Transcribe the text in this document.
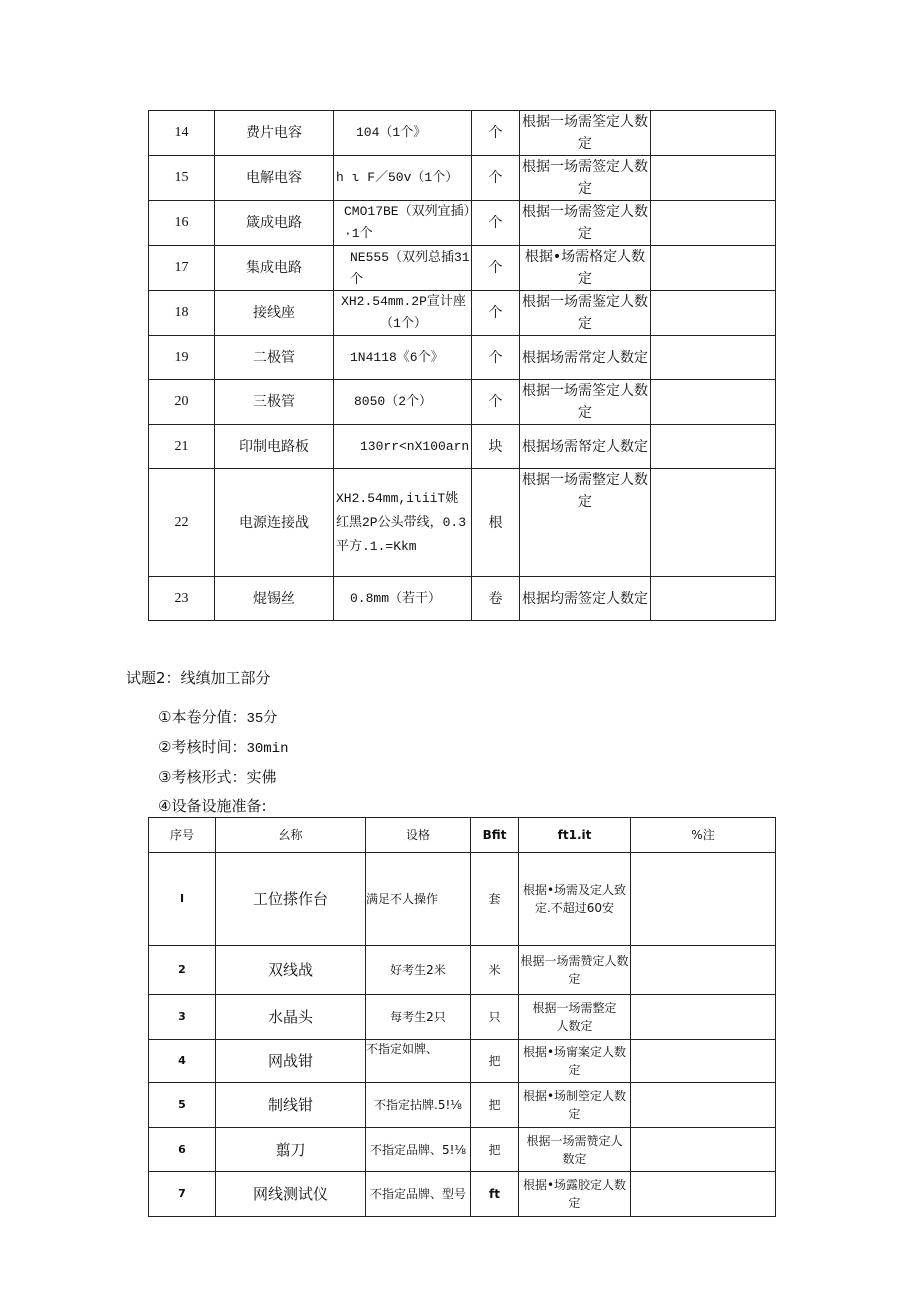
14	费片电容	104（1个》	个	根据一场需筌定人数定	
15	电解电容	h ι F／50v（1个）	个	根据一场需签定人数定	
16	箴成电路	CMO17BE（双列宜插）·1个	个	根据一场需签定人数定	
17	集成电路	NE555（双列总插31个	个	根据•场需格定人数定	
18	接线座	XH2.54mm.2P宣计座（1个）	个	根据一场需鉴定人数定	
19	二极管	1N4118《6个》	个	根据场需常定人数定	
20	三极管	8050（2个）	个	根据一场需筌定人数定	
21	印制电路板	130rr<nX100arn	块	根据场需帑定人数定	
22	电源连接战	XH2.54mm,iιiiT姚红黑2P公头带线，0.3平方.1.=Kkm	根	根据一场需整定人数定	
23	焜锡丝	0.8mm（若干）	卷	根据均需签定人数定	
试题2：线缜加工部分
①本卷分值：35分
②考核时间：30min
③考核形式：实佛
④设备设施准备:
序号	幺称	设格	Bfit	ft1.it	%注
I	工位搽作台	满足不人操作	套	根据•场需及定人致定.不超过60安	
2	双线战	好考生2米	米	根据一场需赞定人数定	
3	水晶头	每考生2只	只	根据一场需整定人数定	

4	网战钳	不指定如牌、	把	根据•场甯案定人数定	
5	制线钳	不指定拈牌.5!⅛	把	根据•场制箜定人数定	
6	翦刀	不指定品牌、5!⅛	把	根据一场需赞定人数定	

7	网线测试仪	不指定品牌、型号	ft	根据•场露胶定人数定	
